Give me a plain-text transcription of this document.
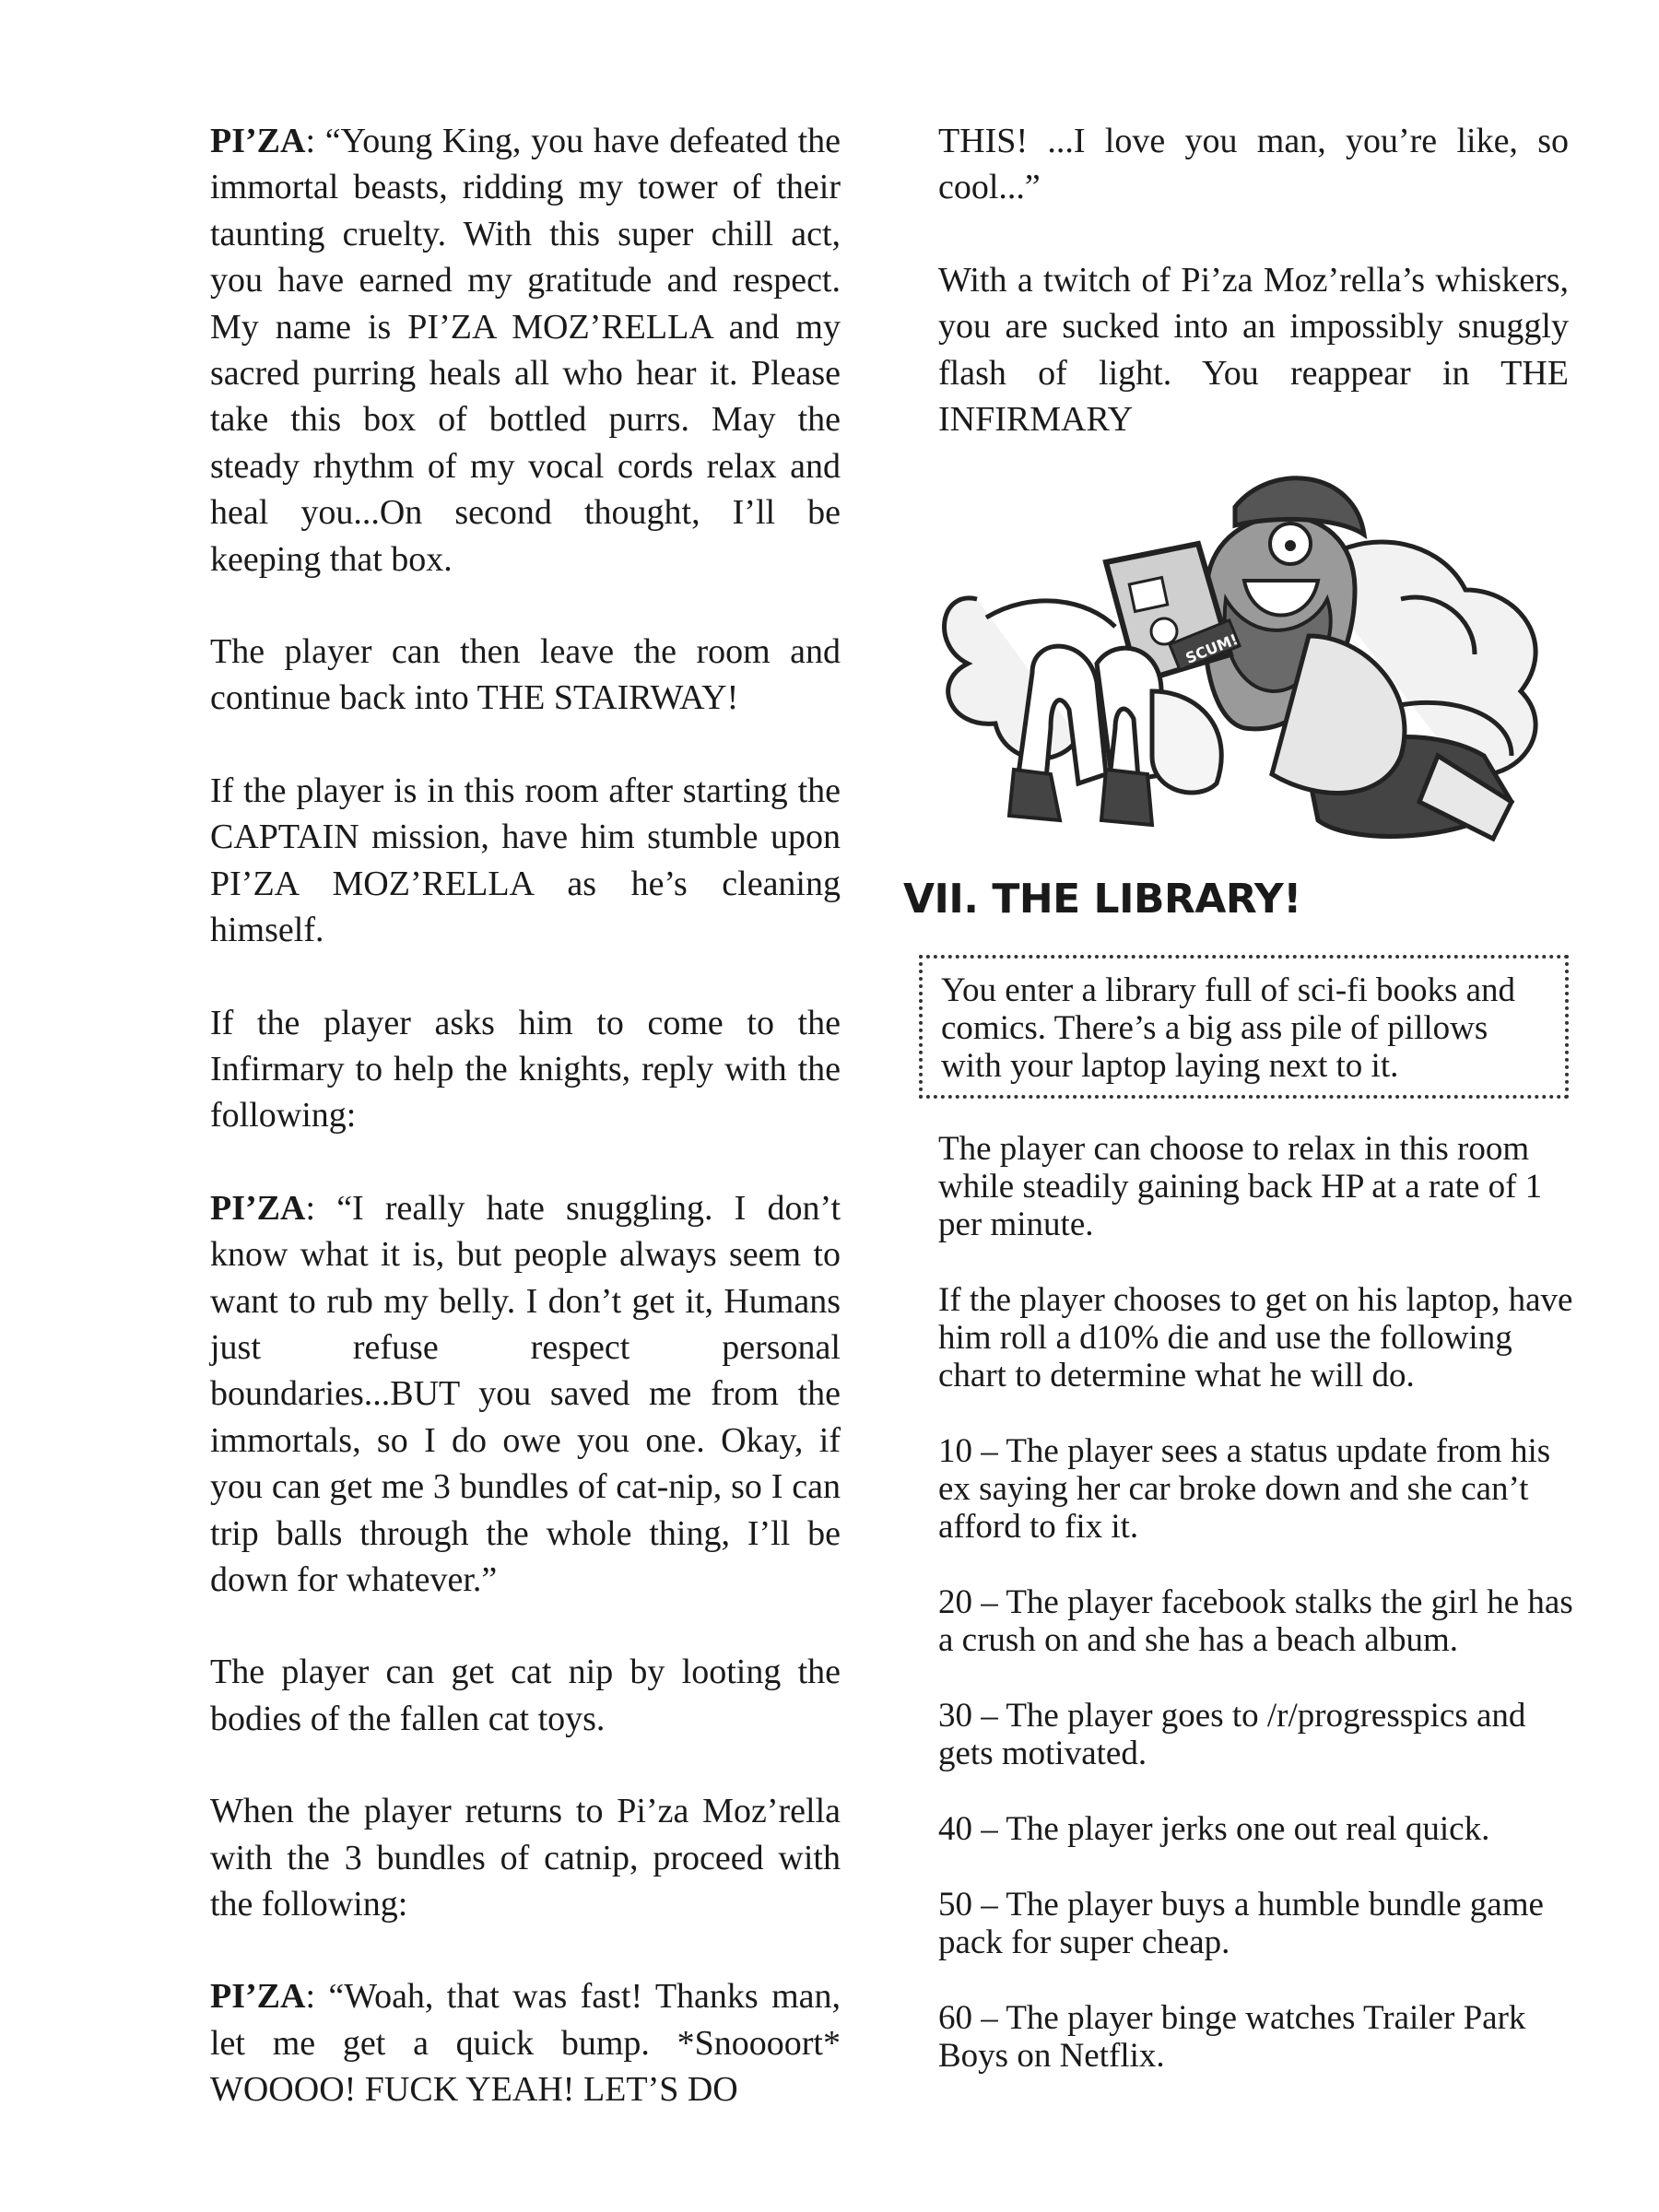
PI’ZA: “Young King, you have defeated the immortal beasts, ridding my tower of their taunting cruelty. With this super chill act, you have earned my gratitude and respect. My name is PI’ZA MOZ’RELLA and my sacred purring heals all who hear it. Please take this box of bottled purrs. May the steady rhythm of my vocal cords relax and heal you...On second thought, I’ll be keeping that box.

The player can then leave the room and continue back into THE STAIRWAY!

If the player is in this room after starting the CAPTAIN mission, have him stumble upon PI’ZA MOZ’RELLA as he’s cleaning himself.

If the player asks him to come to the Infirmary to help the knights, reply with the following:

PI’ZA: “I really hate snuggling. I don’t know what it is, but people always seem to want to rub my belly. I don’t get it, Humans just refuse respect personal boundaries...BUT you saved me from the immortals, so I do owe you one. Okay, if you can get me 3 bundles of cat-nip, so I can trip balls through the whole thing, I’ll be down for whatever.”

The player can get cat nip by looting the bodies of the fallen cat toys.

When the player returns to Pi’za Moz’rella with the 3 bundles of catnip, proceed with the following:

PI’ZA: “Woah, that was fast! Thanks man, let me get a quick bump. *Snoooort* WOOOO! FUCK YEAH! LET’S DO

THIS! ...I love you man, you’re like, so cool...”

With a twitch of Pi’za Moz’rella’s whiskers, you are sucked into an impossibly snuggly flash of light. You reappear in THE INFIRMARY

SCUM!
VII. THE LIBRARY!

You enter a library full of sci-fi books and comics. There’s a big ass pile of pillows with your laptop laying next to it.

The player can choose to relax in this room while steadily gaining back HP at a rate of 1 per minute.

If the player chooses to get on his laptop, have him roll a d10% die and use the following chart to determine what he will do.

10 – The player sees a status update from his ex saying her car broke down and she can’t afford to fix it.

20 – The player facebook stalks the girl he has a crush on and she has a beach album.

30 – The player goes to /r/progresspics and gets motivated.

40 – The player jerks one out real quick.

50 – The player buys a humble bundle game pack for super cheap.

60 – The player binge watches Trailer Park Boys on Netflix.
